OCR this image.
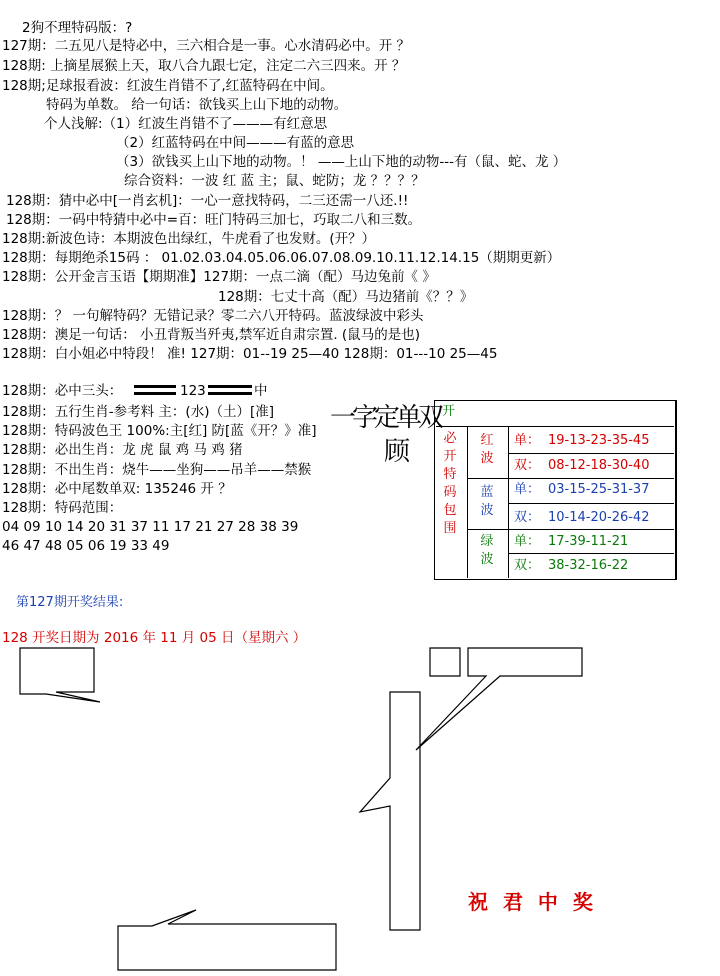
2狗不理特码版：?
127期：二五见八是特必中，三六相合是一事。心水清码必中。开 ？
128期: 上摘星展猴上天，取八合九跟七定，注定二六三四来。开 ？
128期;足球报看波：红波生肖错不了,红蓝特码在中间。
特码为单数。 给一句话：欲钱买上山下地的动物。
个人浅解:（1）红波生肖错不了———有红意思
（2）红蓝特码在中间———有蓝的意思
（3）欲钱买上山下地的动物。！ ——上山下地的动物---有（鼠、蛇、龙 ）
综合资料：一波 红 蓝 主；鼠、蛇防；龙 ？？？？
128期：猜中必中[一肖玄机]：一心一意找特码，二三还需一八还.!!
128期：一码中特猜中必中=百：旺门特码三加七，巧取二八和三数。
128期:新波色诗：本期波色出绿红，牛虎看了也发财。(开？）
128期：每期绝杀15码 ： 01.02.03.04.05.06.06.07.08.09.10.11.12.14.15（期期更新）
128期：公开金言玉语【期期准】127期：一点二滴（配）马边兔前《 》
128期：七丈十高（配）马边猪前《？？》
128期：？ 一句解特码？无错记录？零二六八开特码。蓝波绿波中彩头
128期：澳足一句话： 小丑背叛当歼夷,禁军近自肃宗置. (鼠马的是也)
128期：白小姐必中特段！ 准! 127期：01--19 25—40 128期：01---10 25—45
128期：必中三头：	123	中
128期：五行生肖-参考料 主：(水)（土）[准]
128期：特码波色王 100%:主[红] 防[蓝《开？》准]
128期：必出生肖：龙 虎 鼠 鸡 马 鸡 猪
128期：不出生肖：烧牛——坐狗——吊羊——禁猴
128期：必中尾数单双: 135246 开 ？
128期：特码范围：
04 09 10 14 20 31 37 11 17 21 27 28 38 39
46 47 48 05 06 19 33 49
一字定单双
顾
开
必开特码包围
红波
蓝波
绿波
单： 19-13-23-35-45
双： 08-12-18-30-40
单： 03-15-25-31-37
双： 10-14-20-26-42
单： 17-39-11-21
双： 38-32-16-22
第127期开奖结果:
128 开奖日期为 2016 年 11 月 05 日（星期六 ）
祝 君 中 奖
